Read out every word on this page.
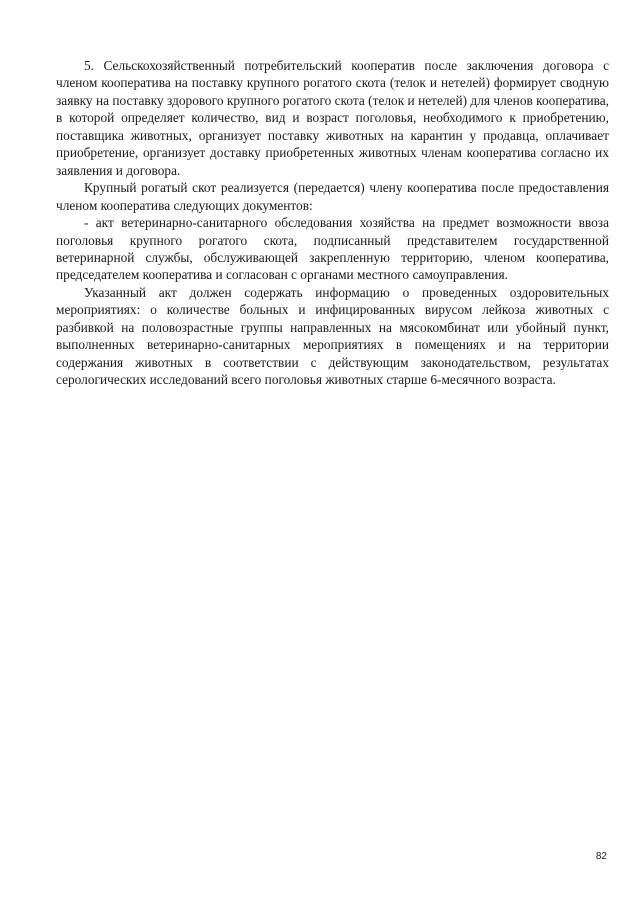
5. Сельскохозяйственный потребительский кооператив после заключения договора с членом кооператива на поставку крупного рогатого скота (телок и нетелей) формирует сводную заявку на поставку здорового крупного рогатого скота (телок и нетелей) для членов кооператива, в которой определяет количество, вид и возраст поголовья, необходимого к приобретению, поставщика животных, организует поставку животных на карантин у продавца, оплачивает приобретение, организует доставку приобретенных животных членам кооператива согласно их заявления и договора.

Крупный рогатый скот реализуется (передается) члену кооператива после предоставления членом кооператива следующих документов:

- акт ветеринарно-санитарного обследования хозяйства на предмет возможности ввоза поголовья крупного рогатого скота, подписанный представителем государственной ветеринарной службы, обслуживающей закрепленную территорию, членом кооператива, председателем кооператива и согласован с органами местного самоуправления.

Указанный акт должен содержать информацию о проведенных оздоровительных мероприятиях: о количестве больных и инфицированных вирусом лейкоза животных с разбивкой на половозрастные группы направленных на мясокомбинат или убойный пункт, выполненных ветеринарно-санитарных мероприятиях в помещениях и на территории содержания животных в соответствии с действующим законодательством, результатах серологических исследований всего поголовья животных старше 6-месячного возраста.

82
